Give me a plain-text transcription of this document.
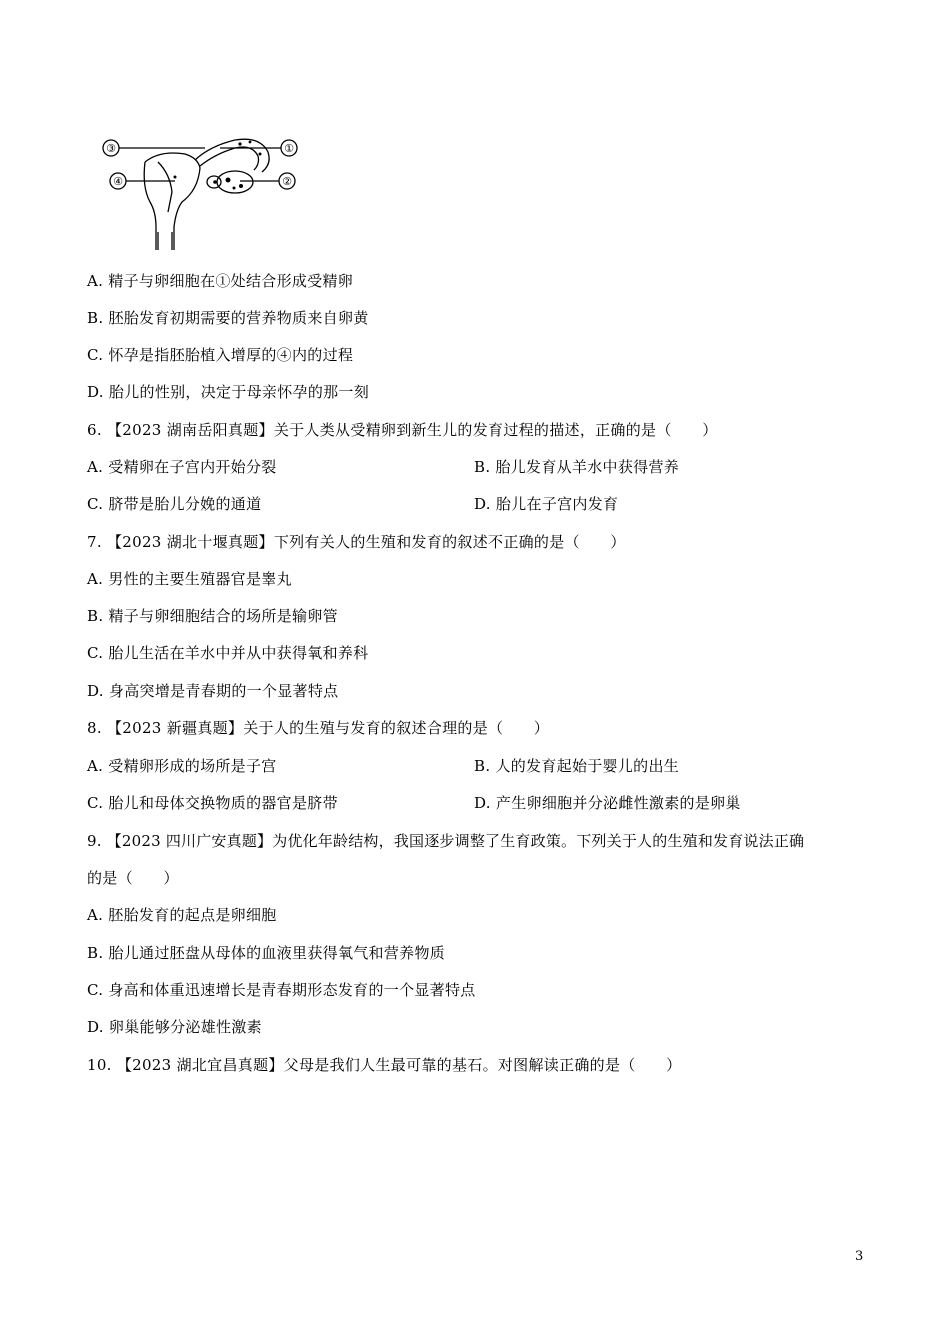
③	①
④	②
A. 精子与卵细胞在①处结合形成受精卵
B. 胚胎发育初期需要的营养物质来自卵黄
C. 怀孕是指胚胎植入增厚的④内的过程
D. 胎儿的性别，决定于母亲怀孕的那一刻
6. 【2023 湖南岳阳真题】关于人类从受精卵到新生儿的发育过程的描述，正确的是（　　）
A. 受精卵在子宫内开始分裂	B. 胎儿发育从羊水中获得营养
C. 脐带是胎儿分娩的通道	D. 胎儿在子宫内发育
7. 【2023 湖北十堰真题】下列有关人的生殖和发育的叙述不正确的是（　　）
A. 男性的主要生殖器官是睾丸
B. 精子与卵细胞结合的场所是输卵管
C. 胎儿生活在羊水中并从中获得氧和养科
D. 身高突增是青春期的一个显著特点
8. 【2023 新疆真题】关于人的生殖与发育的叙述合理的是（　　）
A. 受精卵形成的场所是子宫	B. 人的发育起始于婴儿的出生
C. 胎儿和母体交换物质的器官是脐带	D. 产生卵细胞并分泌雌性激素的是卵巢
9. 【2023 四川广安真题】为优化年龄结构，我国逐步调整了生育政策。下列关于人的生殖和发育说法正确
的是（　　）
A. 胚胎发育的起点是卵细胞
B. 胎儿通过胚盘从母体的血液里获得氧气和营养物质
C. 身高和体重迅速增长是青春期形态发育的一个显著特点
D. 卵巢能够分泌雄性激素
10. 【2023 湖北宜昌真题】父母是我们人生最可靠的基石。对图解读正确的是（　　）
3
